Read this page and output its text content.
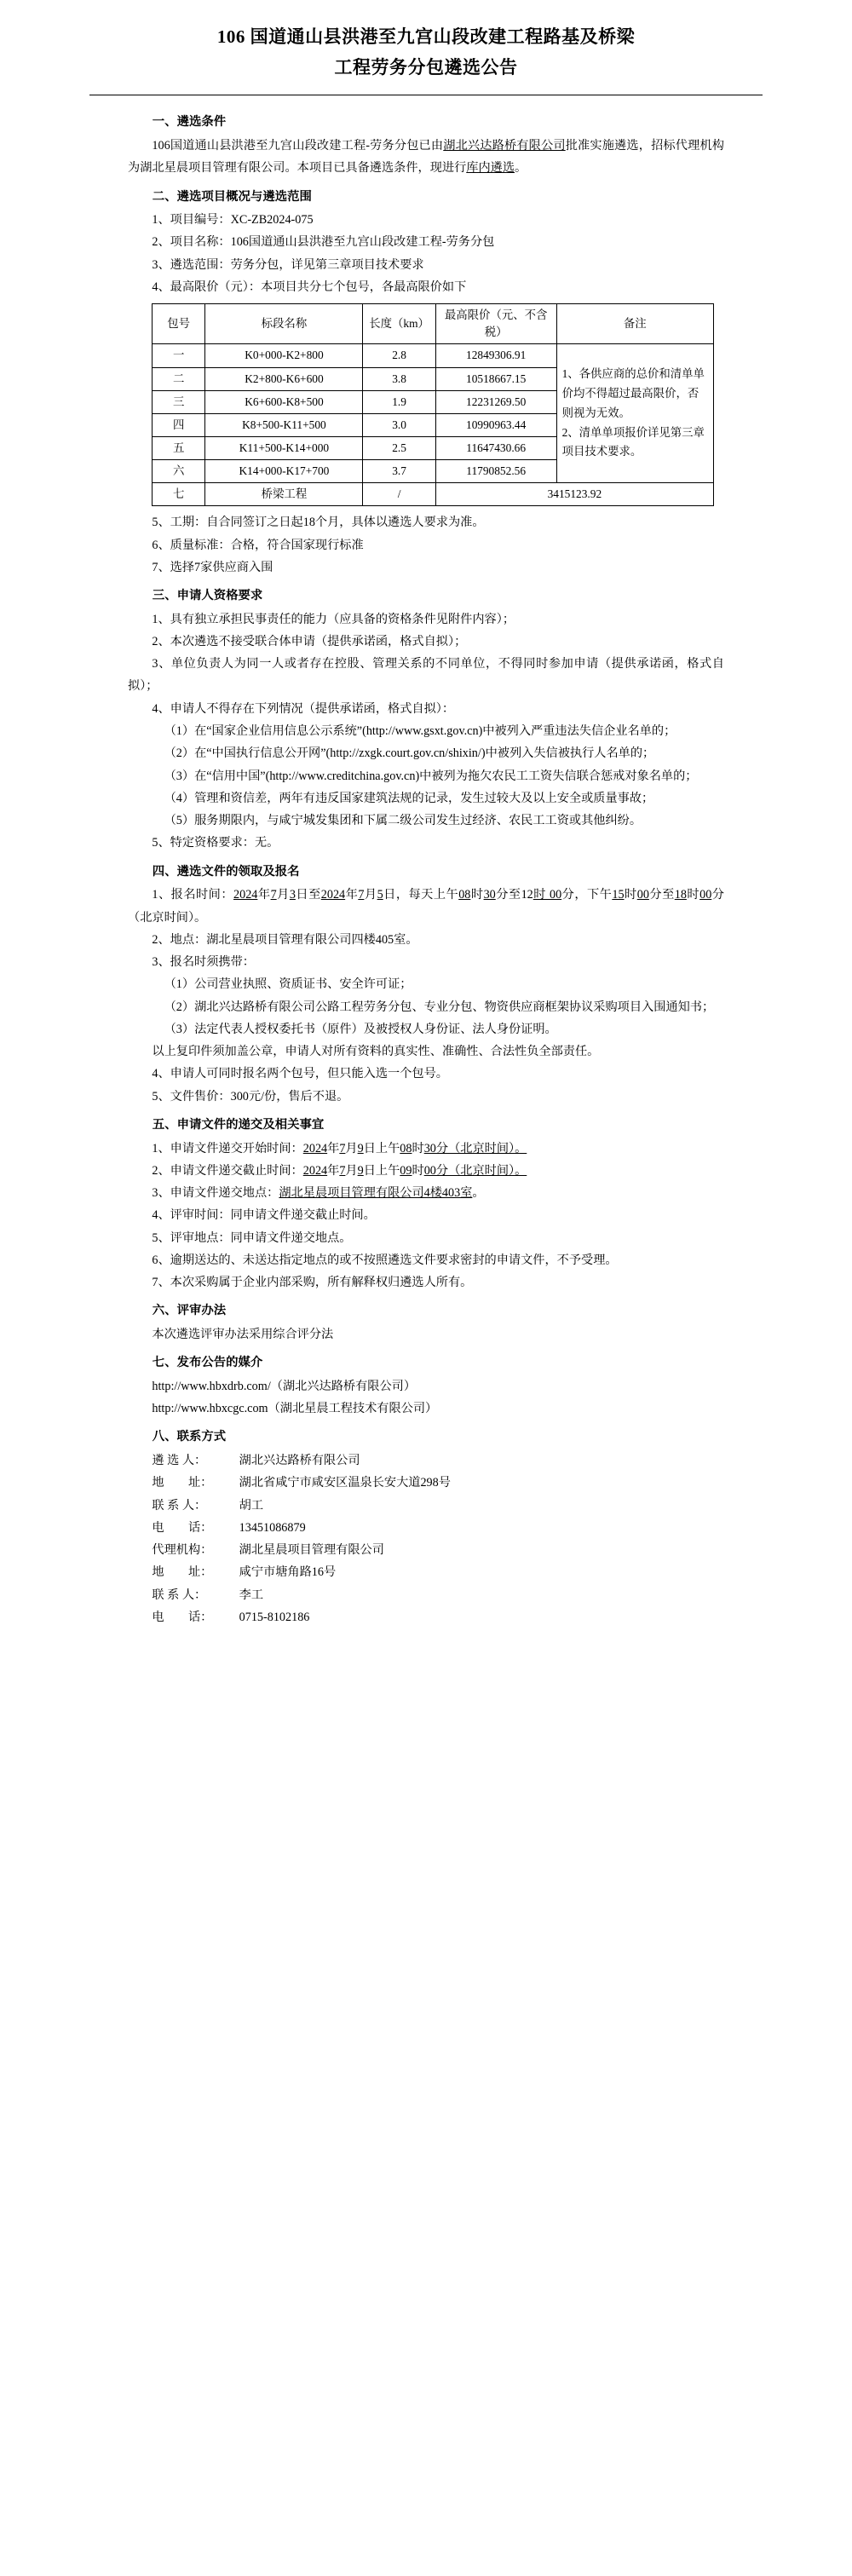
106 国道通山县洪港至九宫山段改建工程路基及桥梁
工程劳务分包遴选公告
一、遴选条件

106国道通山县洪港至九宫山段改建工程-劳务分包已由湖北兴达路桥有限公司批准实施遴选，招标代理机构为湖北星晨项目管理有限公司。本项目已具备遴选条件，现进行库内遴选。

二、遴选项目概况与遴选范围

1、项目编号：XC-ZB2024-075

2、项目名称：106国道通山县洪港至九宫山段改建工程-劳务分包

3、遴选范围：劳务分包，详见第三章项目技术要求

4、最高限价（元）：本项目共分七个包号，各最高限价如下

包号	标段名称	长度（km）	最高限价（元、不含税）	备注
一	K0+000-K2+800	2.8	12849306.91	1、各供应商的总价和清单单价均不得超过最高限价，否则视为无效。
2、清单单项报价详见第三章项目技术要求。

二	K2+800-K6+600	3.8	10518667.15	
三	K6+600-K8+500	1.9	12231269.50	
四	K8+500-K11+500	3.0	10990963.44	
五	K11+500-K14+000	2.5	11647430.66	
六	K14+000-K17+700	3.7	11790852.56	
七	桥梁工程	/	3415123.92	

5、工期：自合同签订之日起18个月，具体以遴选人要求为准。

6、质量标准：合格，符合国家现行标准

7、选择7家供应商入围

三、申请人资格要求

1、具有独立承担民事责任的能力（应具备的资格条件见附件内容）；

2、本次遴选不接受联合体申请（提供承诺函，格式自拟）；

3、单位负责人为同一人或者存在控股、管理关系的不同单位，不得同时参加申请（提供承诺函，格式自拟）；

4、申请人不得存在下列情况（提供承诺函，格式自拟）：

（1）在“国家企业信用信息公示系统”(http://www.gsxt.gov.cn)中被列入严重违法失信企业名单的；

（2）在“中国执行信息公开网”(http://zxgk.court.gov.cn/shixin/)中被列入失信被执行人名单的；

（3）在“信用中国”(http://www.creditchina.gov.cn)中被列为拖欠农民工工资失信联合惩戒对象名单的；

（4）管理和资信差，两年有违反国家建筑法规的记录，发生过较大及以上安全或质量事故；

（5）服务期限内，与咸宁城发集团和下属二级公司发生过经济、农民工工资或其他纠纷。

5、特定资格要求：无。

四、遴选文件的领取及报名

1、报名时间：2024年7月3日至2024年7月5日，每天上午08时30分至12时 00分，下午15时00分至18时00分（北京时间）。

2、地点：湖北星晨项目管理有限公司四楼405室。

3、报名时须携带：

（1）公司营业执照、资质证书、安全许可证；

（2）湖北兴达路桥有限公司公路工程劳务分包、专业分包、物资供应商框架协议采购项目入围通知书；

（3）法定代表人授权委托书（原件）及被授权人身份证、法人身份证明。

以上复印件须加盖公章，申请人对所有资料的真实性、准确性、合法性负全部责任。

4、申请人可同时报名两个包号，但只能入选一个包号。

5、文件售价：300元/份，售后不退。

五、申请文件的递交及相关事宜

1、申请文件递交开始时间：2024年7月9日上午08时30分（北京时间）。

2、申请文件递交截止时间：2024年7月9日上午09时00分（北京时间）。

3、申请文件递交地点：湖北星晨项目管理有限公司4楼403室。

4、评审时间：同申请文件递交截止时间。

5、评审地点：同申请文件递交地点。

6、逾期送达的、未送达指定地点的或不按照遴选文件要求密封的申请文件，不予受理。

7、本次采购属于企业内部采购，所有解释权归遴选人所有。

六、评审办法

本次遴选评审办法采用综合评分法

七、发布公告的媒介

http://www.hbxdrb.com/（湖北兴达路桥有限公司）

http://www.hbxcgc.com（湖北星晨工程技术有限公司）

八、联系方式
遴 选 人：	湖北兴达路桥有限公司
地　　址：	湖北省咸宁市咸安区温泉长安大道298号
联 系 人：	胡工
电　　话：	13451086879
代理机构：	湖北星晨项目管理有限公司
地　　址：	咸宁市塘角路16号
联 系 人：	李工
电　　话：	0715-8102186
